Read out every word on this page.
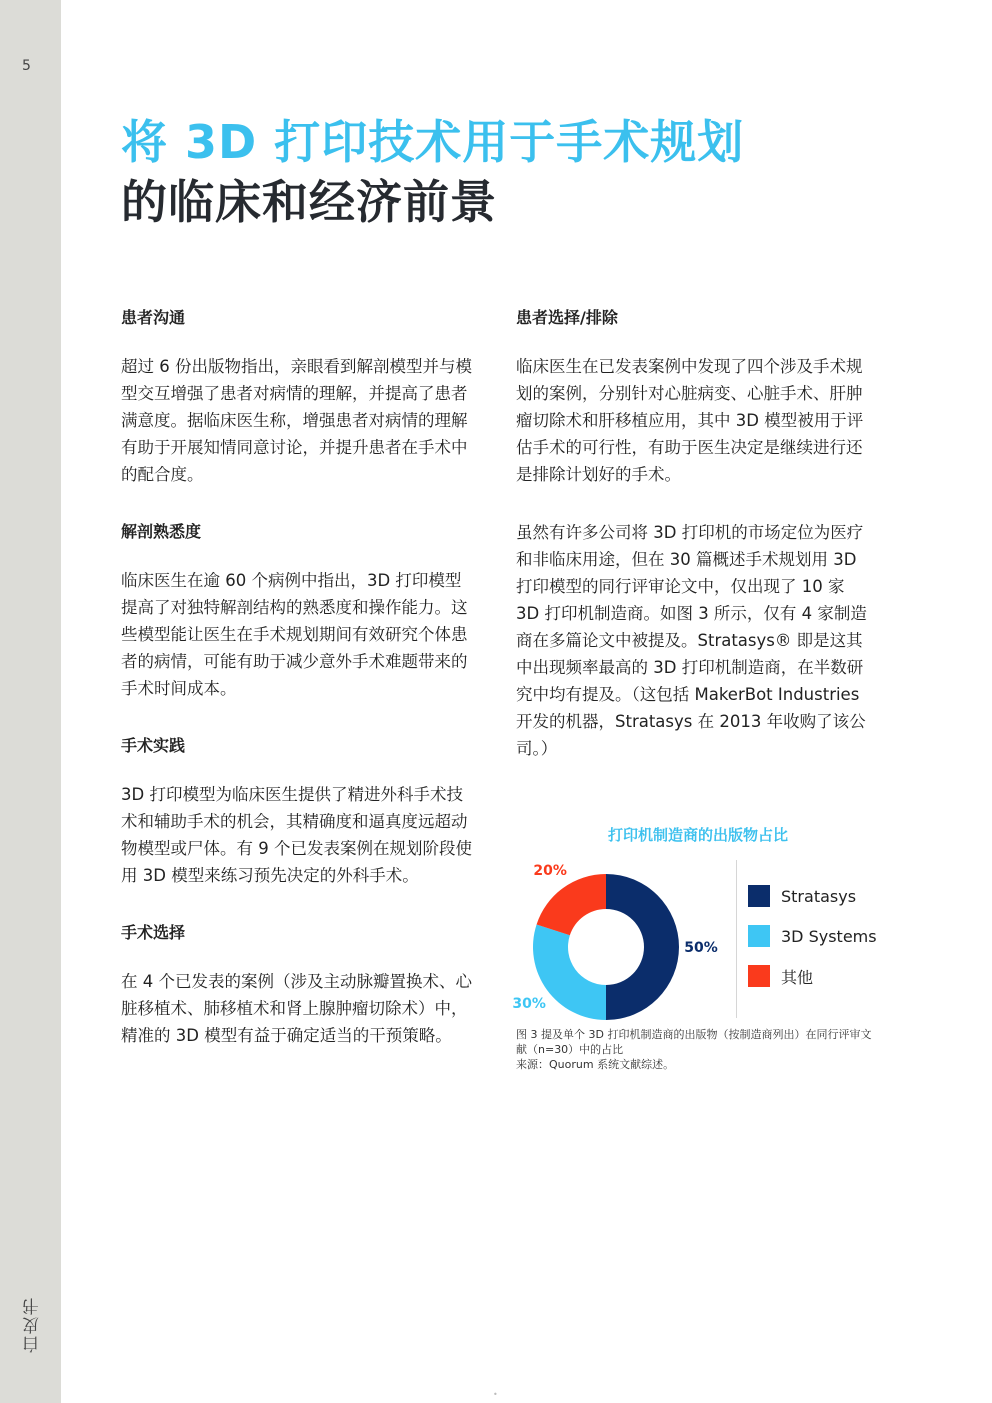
5
白皮书
将 3D 打印技术用于手术规划
的临床和经济前景
患者沟通
超过 6 份出版物指出，亲眼看到解剖模型并与模型交互增强了患者对病情的理解，并提高了患者满意度。据临床医生称，增强患者对病情的理解有助于开展知情同意讨论，并提升患者在手术中的配合度。
解剖熟悉度
临床医生在逾 60 个病例中指出，3D 打印模型提高了对独特解剖结构的熟悉度和操作能力。这些模型能让医生在手术规划期间有效研究个体患者的病情，可能有助于减少意外手术难题带来的手术时间成本。
手术实践
3D 打印模型为临床医生提供了精进外科手术技术和辅助手术的机会，其精确度和逼真度远超动物模型或尸体。有 9 个已发表案例在规划阶段使用 3D 模型来练习预先决定的外科手术。
手术选择
在 4 个已发表的案例（涉及主动脉瓣置换术、心脏移植术、肺移植术和肾上腺肿瘤切除术）中，精准的 3D 模型有益于确定适当的干预策略。
患者选择/排除
临床医生在已发表案例中发现了四个涉及手术规划的案例，分别针对心脏病变、心脏手术、肝肿瘤切除术和肝移植应用，其中 3D 模型被用于评估手术的可行性，有助于医生决定是继续进行还是排除计划好的手术。
虽然有许多公司将 3D 打印机的市场定位为医疗和非临床用途，但在 30 篇概述手术规划用 3D 打印模型的同行评审论文中，仅出现了 10 家 3D 打印机制造商。如图 3 所示，仅有 4 家制造商在多篇论文中被提及。Stratasys® 即是这其中出现频率最高的 3D 打印机制造商，在半数研究中均有提及。（这包括 MakerBot Industries 开发的机器，Stratasys 在 2013 年收购了该公司。）
打印机制造商的出版物占比
50%
30%
20%
Stratasys
3D Systems
其他
图 3 提及单个 3D 打印机制造商的出版物（按制造商列出）在同行评审文献（n=30）中的占比
来源：Quorum 系统文献综述。
•
